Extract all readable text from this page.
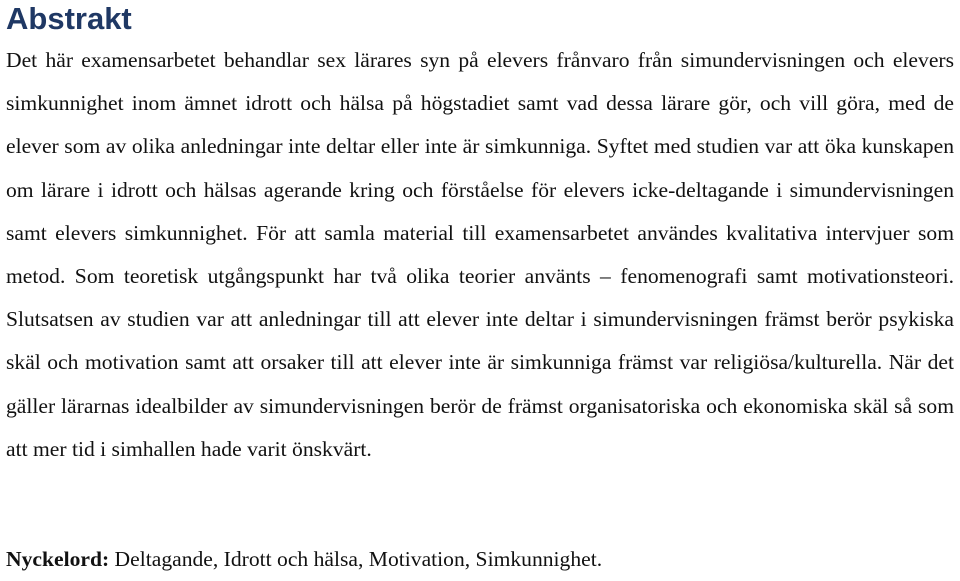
Abstrakt

Det här examensarbetet behandlar sex lärares syn på elevers frånvaro från simundervisningen och elevers simkunnighet inom ämnet idrott och hälsa på högstadiet samt vad dessa lärare gör, och vill göra, med de elever som av olika anledningar inte deltar eller inte är simkunniga. Syftet med studien var att öka kunskapen om lärare i idrott och hälsas agerande kring och förståelse för elevers icke-deltagande i simundervisningen samt elevers simkunnighet. För att samla material till examensarbetet användes kvalitativa intervjuer som metod. Som teoretisk utgångspunkt har två olika teorier använts – fenomenografi samt motivationsteori. Slutsatsen av studien var att anledningar till att elever inte deltar i simundervisningen främst berör psykiska skäl och motivation samt att orsaker till att elever inte är simkunniga främst var religiösa/kulturella. När det gäller lärarnas idealbilder av simundervisningen berör de främst organisatoriska och ekonomiska skäl så som att mer tid i simhallen hade varit önskvärt.

Nyckelord: Deltagande, Idrott och hälsa, Motivation, Simkunnighet.
